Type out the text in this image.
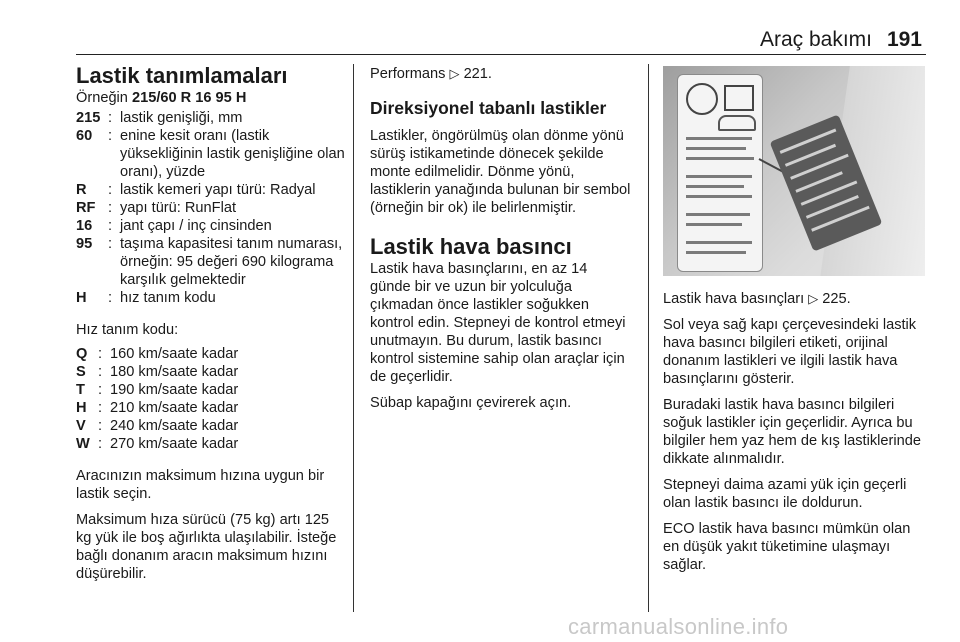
Araç bakımı 191
Lastik tanımlamaları

Örneğin 215/60 R 16 95 H

215 : lastik genişliği, mm
60	: enine kesit oranı (lastik yüksekliğinin lastik genişliğine olan oranı), yüzde
R	: lastik kemeri yapı türü: Radyal
RF : yapı türü: RunFlat
16	: jant çapı / inç cinsinden
95	: taşıma kapasitesi tanım numarası, örneğin: 95 değeri 690 kilograma karşılık gelmektedir
H	: hız tanım kodu

Hız tanım kodu:

Q : 160 km/saate kadar
S : 180 km/saate kadar
T : 190 km/saate kadar
H : 210 km/saate kadar
V : 240 km/saate kadar
W : 270 km/saate kadar

Aracınızın maksimum hızına uygun bir lastik seçin.

Maksimum hıza sürücü (75 kg) artı 125 kg yük ile boş ağırlıkta ulaşılabilir. İsteğe bağlı donanım aracın maksimum hızını düşürebilir.

Performans ▷ 221.

Direksiyonel tabanlı lastikler

Lastikler, öngörülmüş olan dönme yönü sürüş istikametinde dönecek şekilde monte edilmelidir. Dönme yönü, lastiklerin yanağında bulunan bir sembol (örneğin bir ok) ile belirlenmiştir.

Lastik hava basıncı

Lastik hava basınçlarını, en az 14 günde bir ve uzun bir yolculuğa çıkmadan önce lastikler soğukken kontrol edin. Stepneyi de kontrol etmeyi unutmayın. Bu durum, lastik basıncı kontrol sistemine sahip olan araçlar için de geçerlidir.

Sübap kapağını çevirerek açın.

Lastik hava basınçları ▷ 225.

Sol veya sağ kapı çerçevesindeki lastik hava basıncı bilgileri etiketi, orijinal donanım lastikleri ve ilgili lastik hava basınçlarını gösterir.

Buradaki lastik hava basıncı bilgileri soğuk lastikler için geçerlidir. Ayrıca bu bilgiler hem yaz hem de kış lastiklerinde dikkate alınmalıdır.

Stepneyi daima azami yük için geçerli olan lastik basıncı ile doldurun.

ECO lastik hava basıncı mümkün olan en düşük yakıt tüketimine ulaşmayı sağlar.

carmanualsonline.info
